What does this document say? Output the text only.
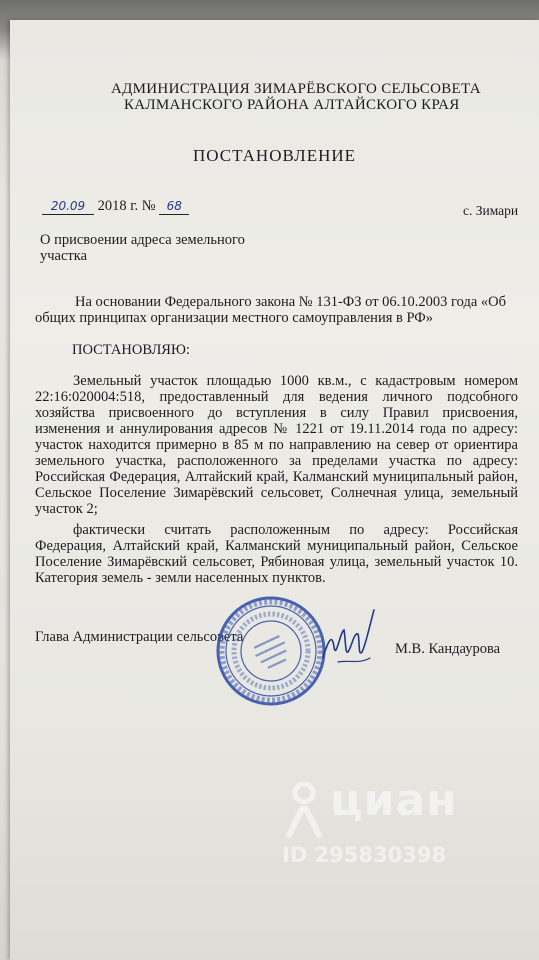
АДМИНИСТРАЦИЯ ЗИМАРЁВСКОГО СЕЛЬСОВЕТА
КАЛМАНСКОГО РАЙОНА АЛТАЙСКОГО КРАЯ
ПОСТАНОВЛЕНИЕ
20.09 2018 г. № 68	с. Зимари
О присвоении адреса земельного
участка
На основании Федерального закона № 131-ФЗ от 06.10.2003 года «Об
общих принципах организации местного самоуправления в РФ»
ПОСТАНОВЛЯЮ:
Земельный участок площадью 1000 кв.м., с кадастровым номером
22:16:020004:518, предоставленный для ведения личного подсобного
хозяйства присвоенного до вступления в силу Правил присвоения,
изменения и аннулирования адресов № 1221 от 19.11.2014 года по адресу:
участок находится примерно в 85 м по направлению на север от ориентира
земельного участка, расположенного за пределами участка по адресу:
Российская Федерация, Алтайский край, Калманский муниципальный район,
Сельское Поселение Зимарёвский сельсовет, Солнечная улица, земельный
участок 2;
фактически считать расположенным по адресу: Российская
Федерация, Алтайский край, Калманский муниципальный район, Сельское
Поселение Зимарёвский сельсовет, Рябиновая улица, земельный участок 10.
Категория земель - земли населенных пунктов.
Глава Администрации сельсовета
М.В. Кандаурова
циан
ID 295830398
